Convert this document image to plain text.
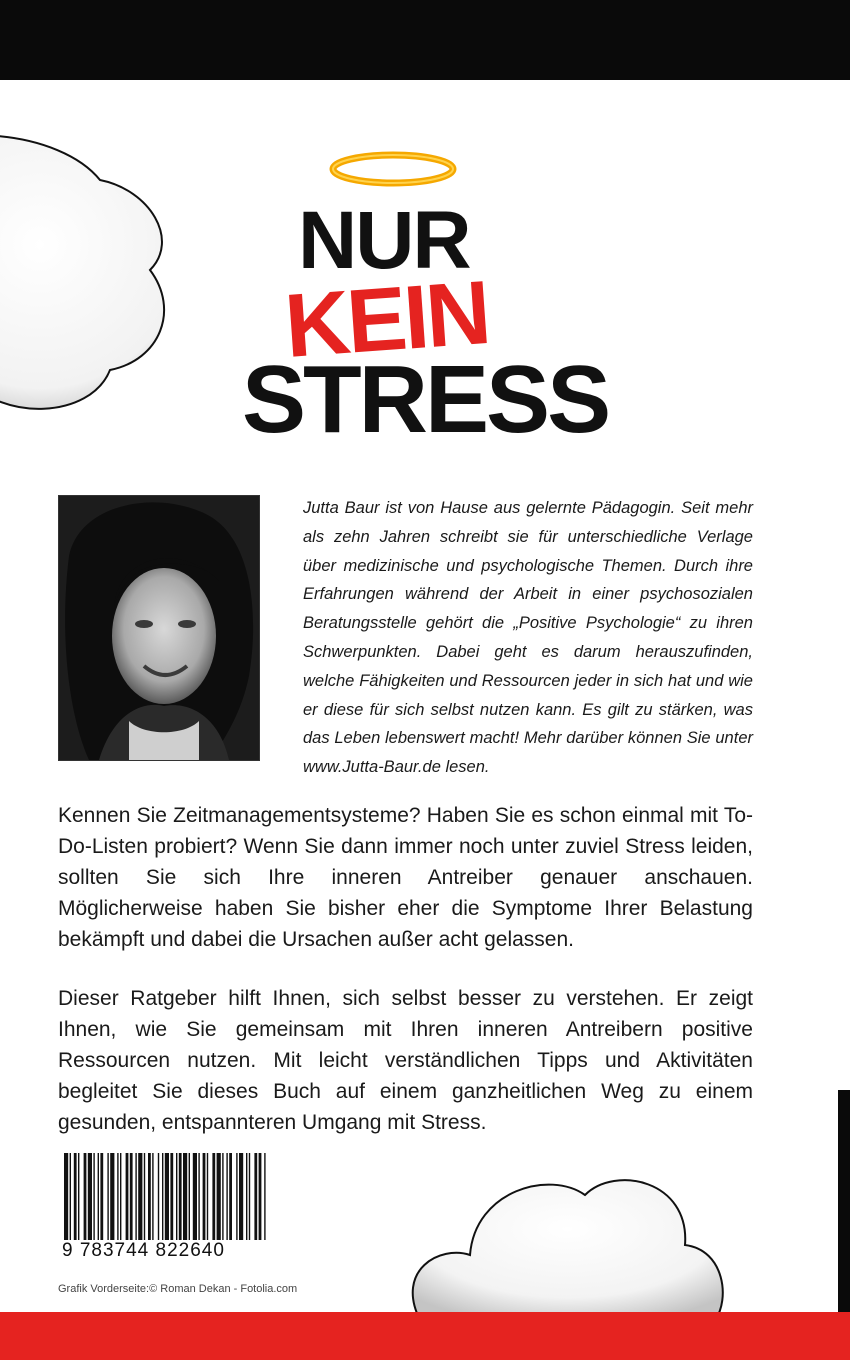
NUR
KEIN
STRESS

Jutta Baur ist von Hause aus gelernte Pädagogin. Seit mehr als zehn Jahren schreibt sie für unterschiedliche Verlage über medizinische und psychologische Themen. Durch ihre Erfahrungen während der Arbeit in einer psychosozialen Beratungsstelle gehört die „Positive Psychologie“ zu ihren Schwerpunkten. Dabei geht es darum herauszufinden, welche Fähigkeiten und Ressourcen jeder in sich hat und wie er diese für sich selbst nutzen kann. Es gilt zu stärken, was das Leben lebenswert macht! Mehr darüber können Sie unter www.Jutta-Baur.de lesen.

Kennen Sie Zeitmanagementsysteme? Haben Sie es schon einmal mit To-Do-Listen probiert? Wenn Sie dann immer noch unter zuviel Stress leiden, sollten Sie sich Ihre inneren Antreiber genauer anschauen. Möglicherweise haben Sie bisher eher die Symptome Ihrer Belastung bekämpft und dabei die Ursachen außer acht gelassen.

Dieser Ratgeber hilft Ihnen, sich selbst besser zu verstehen. Er zeigt Ihnen, wie Sie gemeinsam mit Ihren inneren Antreibern positive Ressourcen nutzen. Mit leicht verständlichen Tipps und Aktivitäten begleitet Sie dieses Buch auf einem ganzheitlichen Weg zu einem gesunden, entspannteren Umgang mit Stress.

9 783744 822640

Grafik Vorderseite:© Roman Dekan - Fotolia.com
